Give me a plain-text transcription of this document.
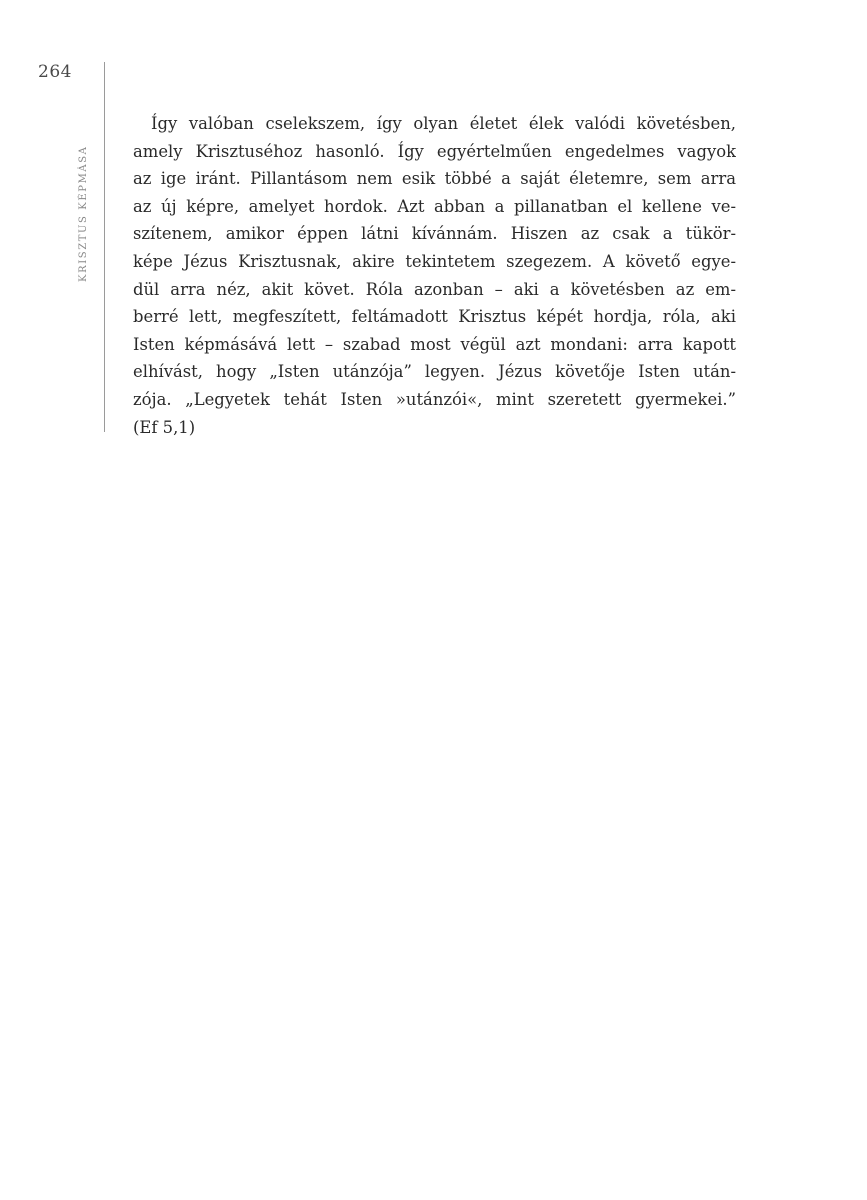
264
KRISZTUS KÉPMÁSA
Így valóban cselekszem, így olyan életet élek valódi követésben,
amely Krisztuséhoz hasonló. Így egyértelműen engedelmes vagyok
az ige iránt. Pillantásom nem esik többé a saját életemre, sem arra
az új képre, amelyet hordok. Azt abban a pillanatban el kellene ve-
szítenem, amikor éppen látni kívánnám. Hiszen az csak a tükör-
képe Jézus Krisztusnak, akire tekintetem szegezem. A követő egye-
dül arra néz, akit követ. Róla azonban – aki a követésben az em-
berré lett, megfeszített, feltámadott Krisztus képét hordja, róla, aki
Isten képmásává lett – szabad most végül azt mondani: arra kapott
elhívást, hogy „Isten utánzója” legyen. Jézus követője Isten után-
zója. „Legyetek tehát Isten »utánzói«, mint szeretett gyermekei.”
(Ef 5,1)
